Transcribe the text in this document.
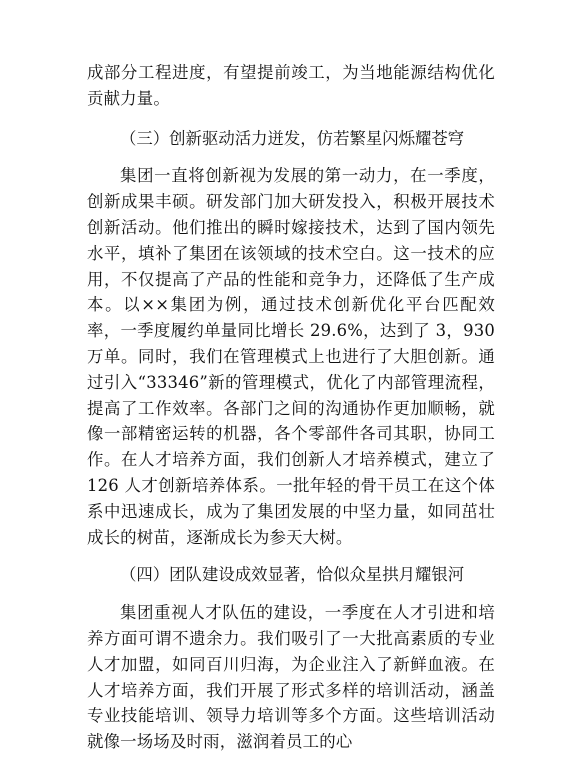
成部分工程进度，有望提前竣工，为当地能源结构优化贡献力量。

（三）创新驱动活力迸发，仿若繁星闪烁耀苍穹

集团一直将创新视为发展的第一动力，在一季度，创新成果丰硕。研发部门加大研发投入，积极开展技术创新活动。他们推出的瞬时嫁接技术，达到了国内领先水平，填补了集团在该领域的技术空白。这一技术的应用，不仅提高了产品的性能和竞争力，还降低了生产成本。以××集团为例，通过技术创新优化平台匹配效率，一季度履约单量同比增长 29.6%，达到了 3，930 万单。同时，我们在管理模式上也进行了大胆创新。通过引入“33346”新的管理模式，优化了内部管理流程，提高了工作效率。各部门之间的沟通协作更加顺畅，就像一部精密运转的机器，各个零部件各司其职，协同工作。在人才培养方面，我们创新人才培养模式，建立了 126 人才创新培养体系。一批年轻的骨干员工在这个体系中迅速成长，成为了集团发展的中坚力量，如同茁壮成长的树苗，逐渐成长为参天大树。

（四）团队建设成效显著，恰似众星拱月耀银河

集团重视人才队伍的建设，一季度在人才引进和培养方面可谓不遗余力。我们吸引了一大批高素质的专业人才加盟，如同百川归海，为企业注入了新鲜血液。在人才培养方面，我们开展了形式多样的培训活动，涵盖专业技能培训、领导力培训等多个方面。这些培训活动就像一场场及时雨，滋润着员工的心
